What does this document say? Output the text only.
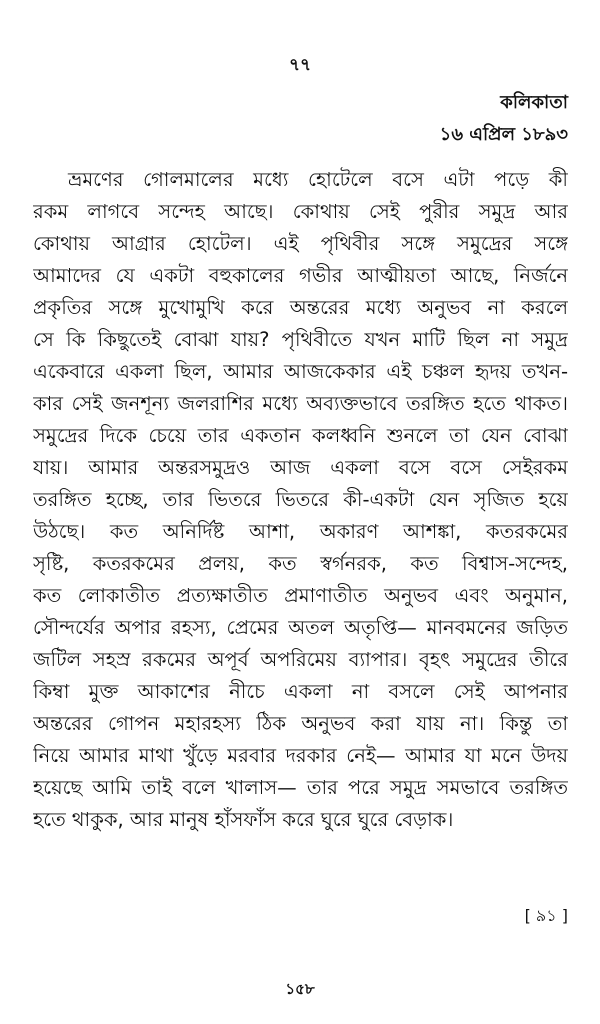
৭৭
কলিকাতা
১৬ এপ্রিল ১৮৯৩
ভ্রমণের গোলমালের মধ্যে হোটেলে বসে এটা পড়ে কী
রকম লাগবে সন্দেহ আছে। কোথায় সেই পুরীর সমুদ্র আর
কোথায় আগ্রার হোটেল। এই পৃথিবীর সঙ্গে সমুদ্রের সঙ্গে
আমাদের যে একটা বহুকালের গভীর আত্মীয়তা আছে, নির্জনে
প্রকৃতির সঙ্গে মুখোমুখি করে অন্তরের মধ্যে অনুভব না করলে
সে কি কিছুতেই বোঝা যায়? পৃথিবীতে যখন মাটি ছিল না সমুদ্র
একেবারে একলা ছিল, আমার আজকেকার এই চঞ্চল হৃদয় তখন-
কার সেই জনশূন্য জলরাশির মধ্যে অব্যক্তভাবে তরঙ্গিত হতে থাকত।
সমুদ্রের দিকে চেয়ে তার একতান কলধ্বনি শুনলে তা যেন বোঝা
যায়। আমার অন্তরসমুদ্রও আজ একলা বসে বসে সেইরকম
তরঙ্গিত হচ্ছে, তার ভিতরে ভিতরে কী-একটা যেন সৃজিত হয়ে
উঠছে। কত অনির্দিষ্ট আশা, অকারণ আশঙ্কা, কতরকমের
সৃষ্টি, কতরকমের প্রলয়, কত স্বর্গনরক, কত বিশ্বাস-সন্দেহ,
কত লোকাতীত প্রত্যক্ষাতীত প্রমাণাতীত অনুভব এবং অনুমান,
সৌন্দর্যের অপার রহস্য, প্রেমের অতল অতৃপ্তি— মানবমনের জড়িত
জটিল সহস্র রকমের অপূর্ব অপরিমেয় ব্যাপার। বৃহৎ সমুদ্রের তীরে
কিম্বা মুক্ত আকাশের নীচে একলা না বসলে সেই আপনার
অন্তরের গোপন মহারহস্য ঠিক অনুভব করা যায় না। কিন্তু তা
নিয়ে আমার মাথা খুঁড়ে মরবার দরকার নেই— আমার যা মনে উদয়
হয়েছে আমি তাই বলে খালাস— তার পরে সমুদ্র সমভাবে তরঙ্গিত
হতে থাকুক, আর মানুষ হাঁসফাঁস করে ঘুরে ঘুরে বেড়াক।
[ ৯১ ]
১৫৮
